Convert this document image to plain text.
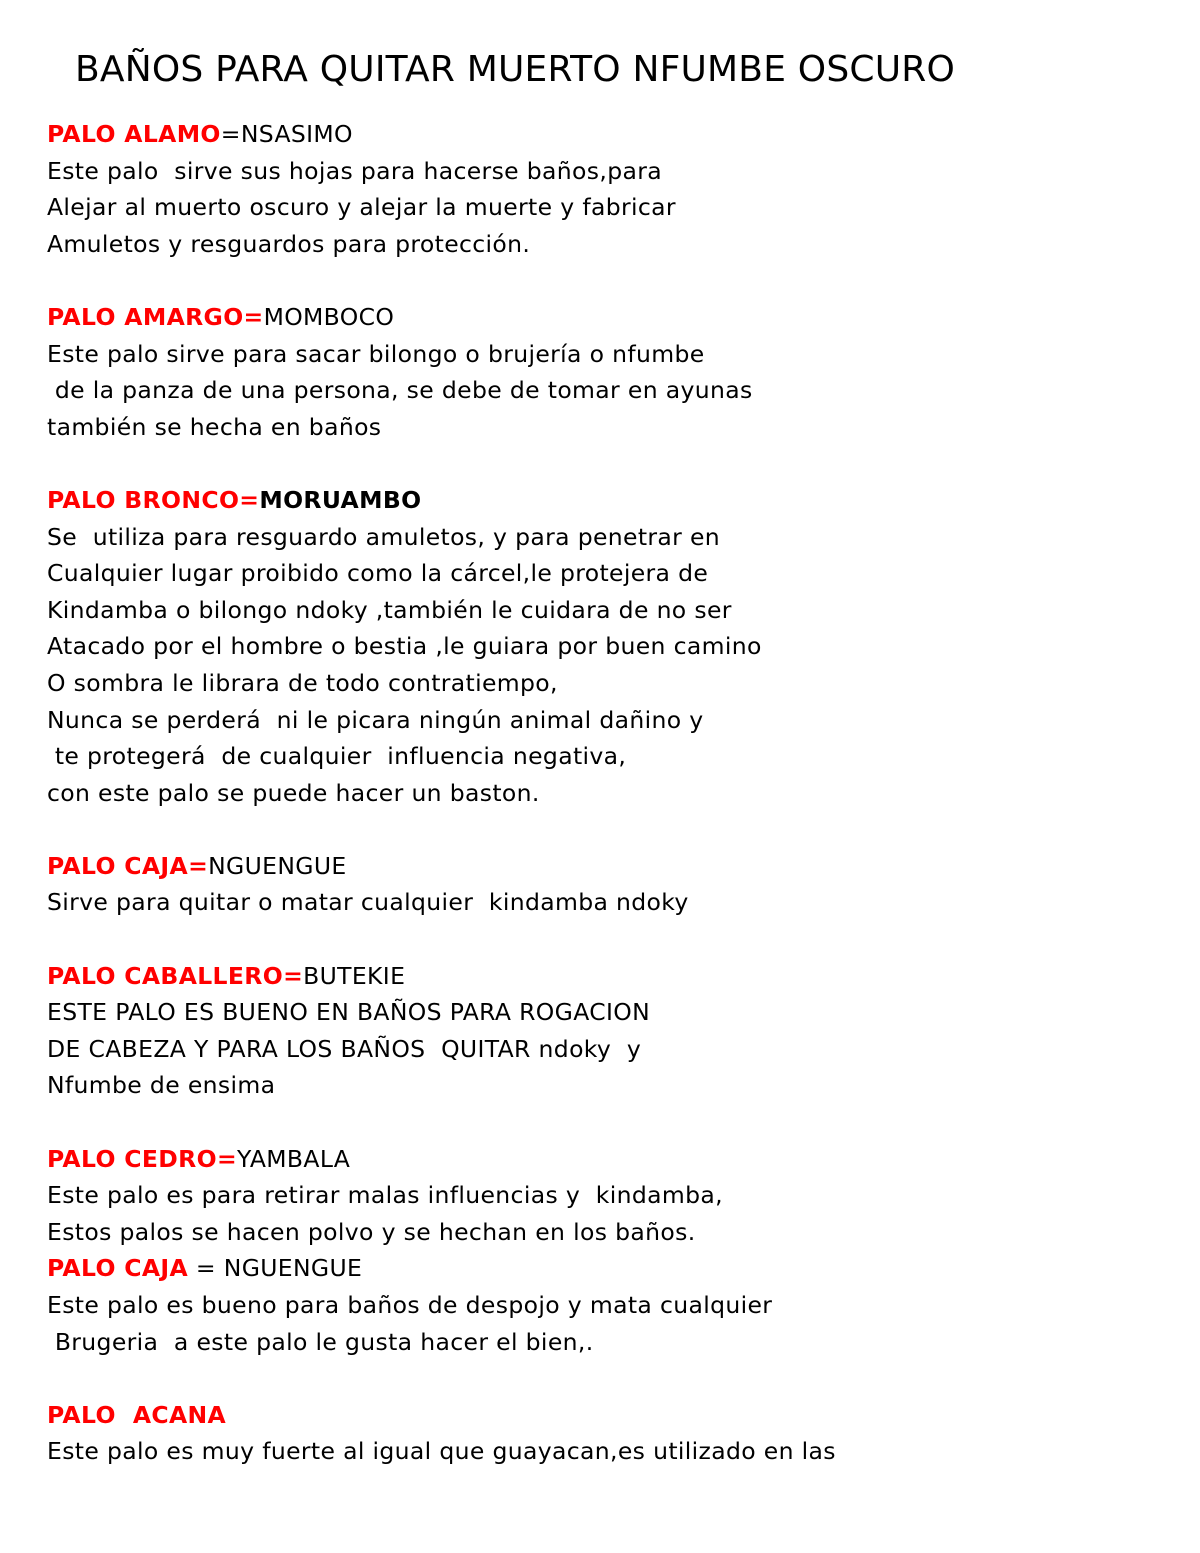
BAÑOS PARA QUITAR MUERTO NFUMBE OSCURO
PALO ALAMO=NSASIMO
Este palo  sirve sus hojas para hacerse baños,para
Alejar al muerto oscuro y alejar la muerte y fabricar
Amuletos y resguardos para protección.
PALO AMARGO=MOMBOCO
Este palo sirve para sacar bilongo o brujería o nfumbe
de la panza de una persona, se debe de tomar en ayunas
también se hecha en baños
PALO BRONCO=MORUAMBO
Se  utiliza para resguardo amuletos, y para penetrar en
Cualquier lugar proibido como la cárcel,le protejera de
Kindamba o bilongo ndoky ,también le cuidara de no ser
Atacado por el hombre o bestia ,le guiara por buen camino
O sombra le librara de todo contratiempo,
Nunca se perderá  ni le picara ningún animal dañino y
te protegerá  de cualquier  influencia negativa,
con este palo se puede hacer un baston.
PALO CAJA=NGUENGUE
Sirve para quitar o matar cualquier  kindamba ndoky
PALO CABALLERO=BUTEKIE
ESTE PALO ES BUENO EN BAÑOS PARA ROGACION
DE CABEZA Y PARA LOS BAÑOS  QUITAR ndoky  y
Nfumbe de ensima
PALO CEDRO=YAMBALA
Este palo es para retirar malas influencias y  kindamba,
Estos palos se hacen polvo y se hechan en los baños.
PALO CAJA = NGUENGUE
Este palo es bueno para baños de despojo y mata cualquier
Brugeria  a este palo le gusta hacer el bien,.
PALO  ACANA
Este palo es muy fuerte al igual que guayacan,es utilizado en las
